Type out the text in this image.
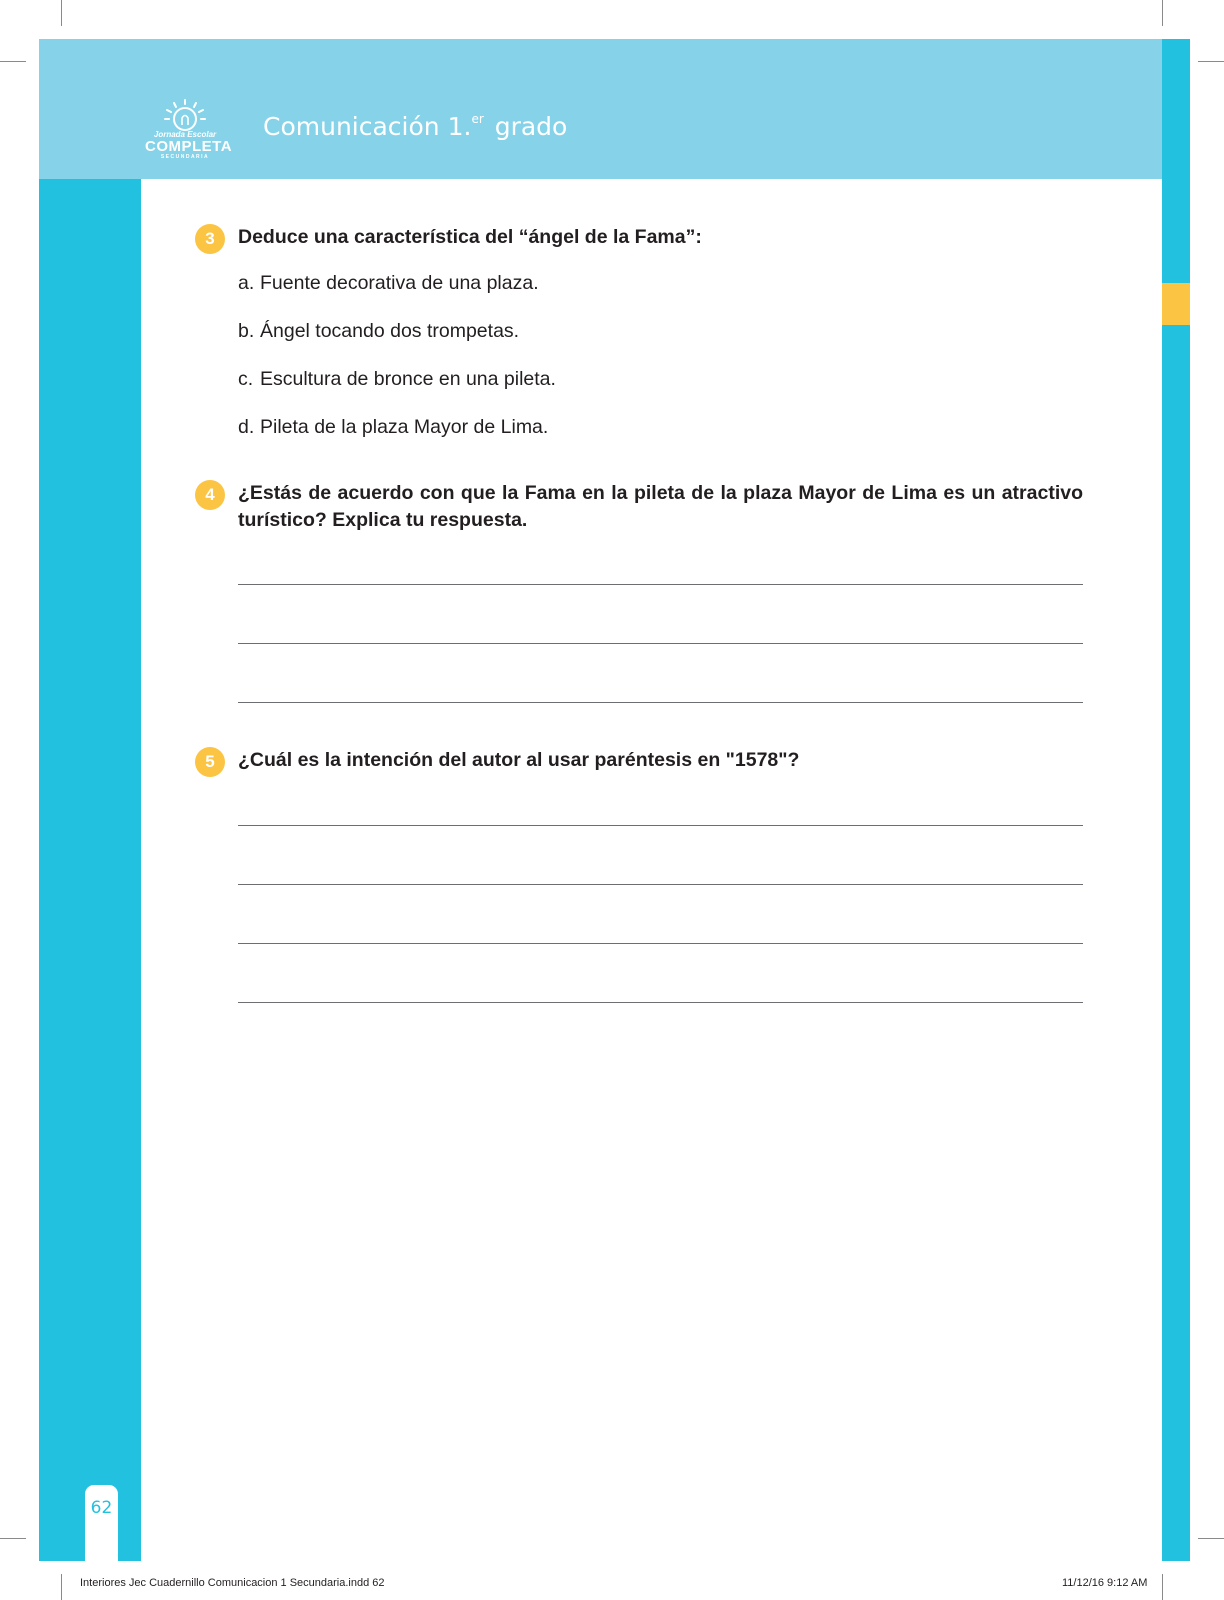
Jornada Escolar
COMPLETA
SECUNDARIA
Comunicación 1.$^{er}$ grado
3	Deduce una característica del “ángel de la Fama”:
a. Fuente decorativa de una plaza.
b. Ángel tocando dos trompetas.
c. Escultura de bronce en una pileta.
d. Pileta de la plaza Mayor de Lima.
4	¿Estás de acuerdo con que la Fama en la pileta de la plaza Mayor de Lima es un atractivo turístico? Explica tu respuesta.
5	¿Cuál es la intención del autor al usar paréntesis en "1578"?
62
Interiores Jec Cuadernillo Comunicacion 1 Secundaria.indd 62	11/12/16 9:12 AM
